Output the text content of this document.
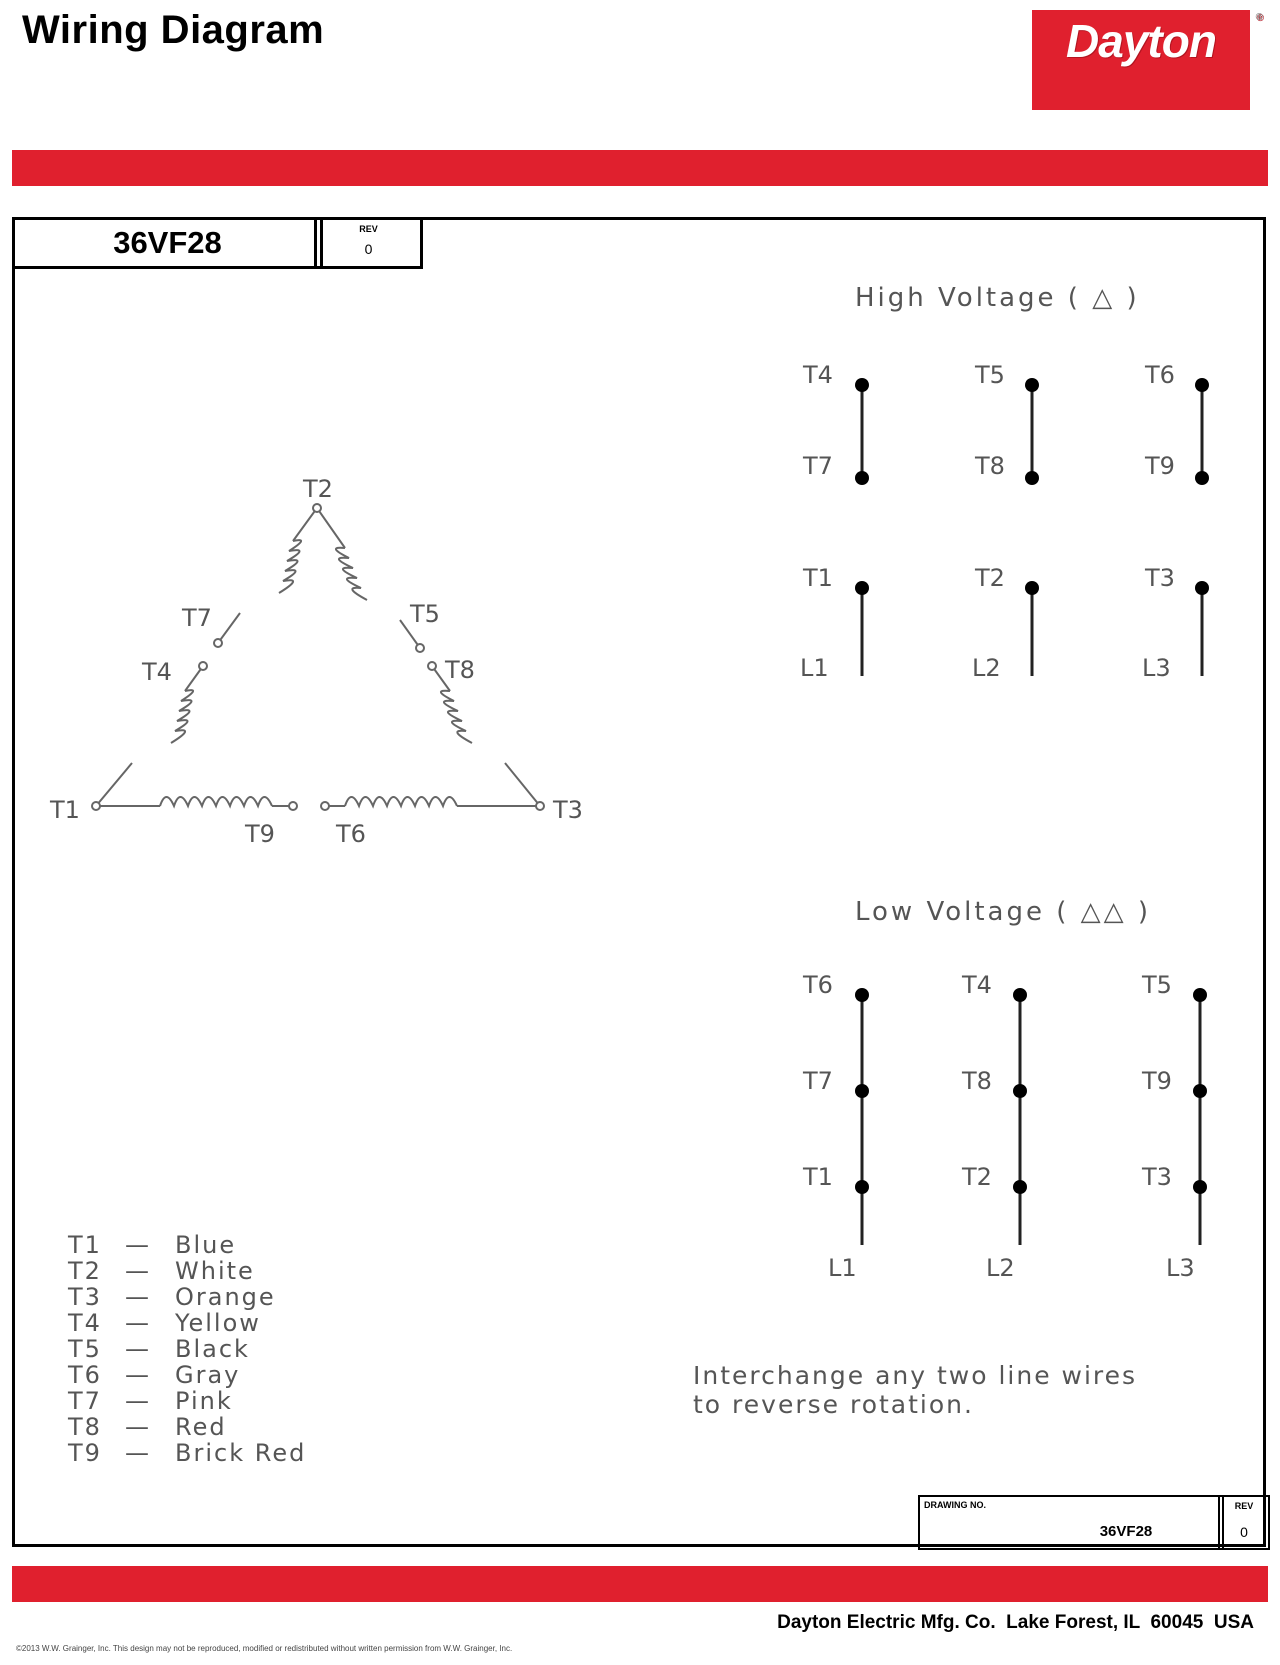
Wiring Diagram	Dayton	®
36VF28	REV
0
T2
T7
T4
T5
T8
T1	T3
T9	T6
High Voltage ( △ )
T4
T7
T5
T8
T6
T9
T1
L1
T2
L2
T3
L3
Low Voltage ( △△ )
T6
T7
T1
L1
T4
T8
T2
L2
T5
T9
T3
L3
T1 — Blue
T2 — White
T3 — Orange
T4 — Yellow
T5 — Black
T6 — Gray
T7 — Pink
T8 — Red
T9 — Brick Red
Interchange any two line wires
to reverse rotation.
DRAWING NO.
36VF28
REV
0
Dayton Electric Mfg. Co.  Lake Forest, IL  60045  USA
©2013 W.W. Grainger, Inc. This design may not be reproduced, modified or redistributed without written permission from W.W. Grainger, Inc.
